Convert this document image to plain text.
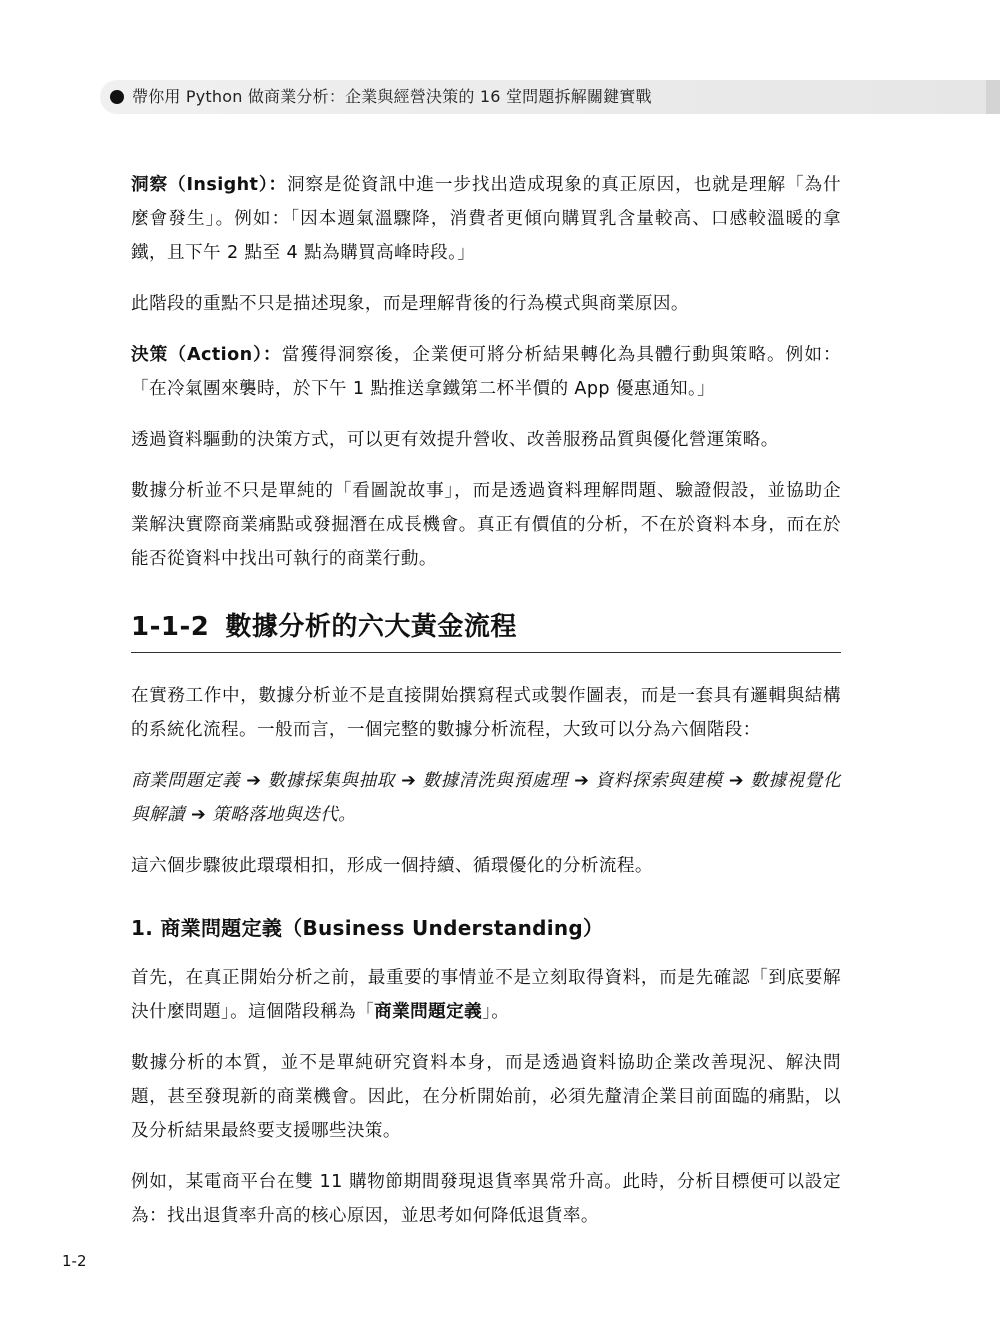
帶你用 Python 做商業分析：企業與經營決策的 16 堂問題拆解關鍵實戰

洞察（Insight）：洞察是從資訊中進一步找出造成現象的真正原因，也就是理解「為什麼會發生」。例如：「因本週氣溫驟降，消費者更傾向購買乳含量較高、口感較溫暖的拿鐵，且下午 2 點至 4 點為購買高峰時段。」

此階段的重點不只是描述現象，而是理解背後的行為模式與商業原因。

決策（Action）：當獲得洞察後，企業便可將分析結果轉化為具體行動與策略。例如：「在冷氣團來襲時，於下午 1 點推送拿鐵第二杯半價的 App 優惠通知。」

透過資料驅動的決策方式，可以更有效提升營收、改善服務品質與優化營運策略。

數據分析並不只是單純的「看圖說故事」，而是透過資料理解問題、驗證假設，並協助企業解決實際商業痛點或發掘潛在成長機會。真正有價值的分析，不在於資料本身，而在於能否從資料中找出可執行的商業行動。

1-1-2 數據分析的六大黃金流程

在實務工作中，數據分析並不是直接開始撰寫程式或製作圖表，而是一套具有邏輯與結構的系統化流程。一般而言，一個完整的數據分析流程，大致可以分為六個階段：

商業問題定義 ➔ 數據採集與抽取 ➔ 數據清洗與預處理 ➔ 資料探索與建模 ➔ 數據視覺化與解讀 ➔ 策略落地與迭代。

這六個步驟彼此環環相扣，形成一個持續、循環優化的分析流程。

1. 商業問題定義（Business Understanding）

首先，在真正開始分析之前，最重要的事情並不是立刻取得資料，而是先確認「到底要解決什麼問題」。這個階段稱為「商業問題定義」。

數據分析的本質，並不是單純研究資料本身，而是透過資料協助企業改善現況、解決問題，甚至發現新的商業機會。因此，在分析開始前，必須先釐清企業目前面臨的痛點，以及分析結果最終要支援哪些決策。

例如，某電商平台在雙 11 購物節期間發現退貨率異常升高。此時，分析目標便可以設定為：找出退貨率升高的核心原因，並思考如何降低退貨率。

1-2
